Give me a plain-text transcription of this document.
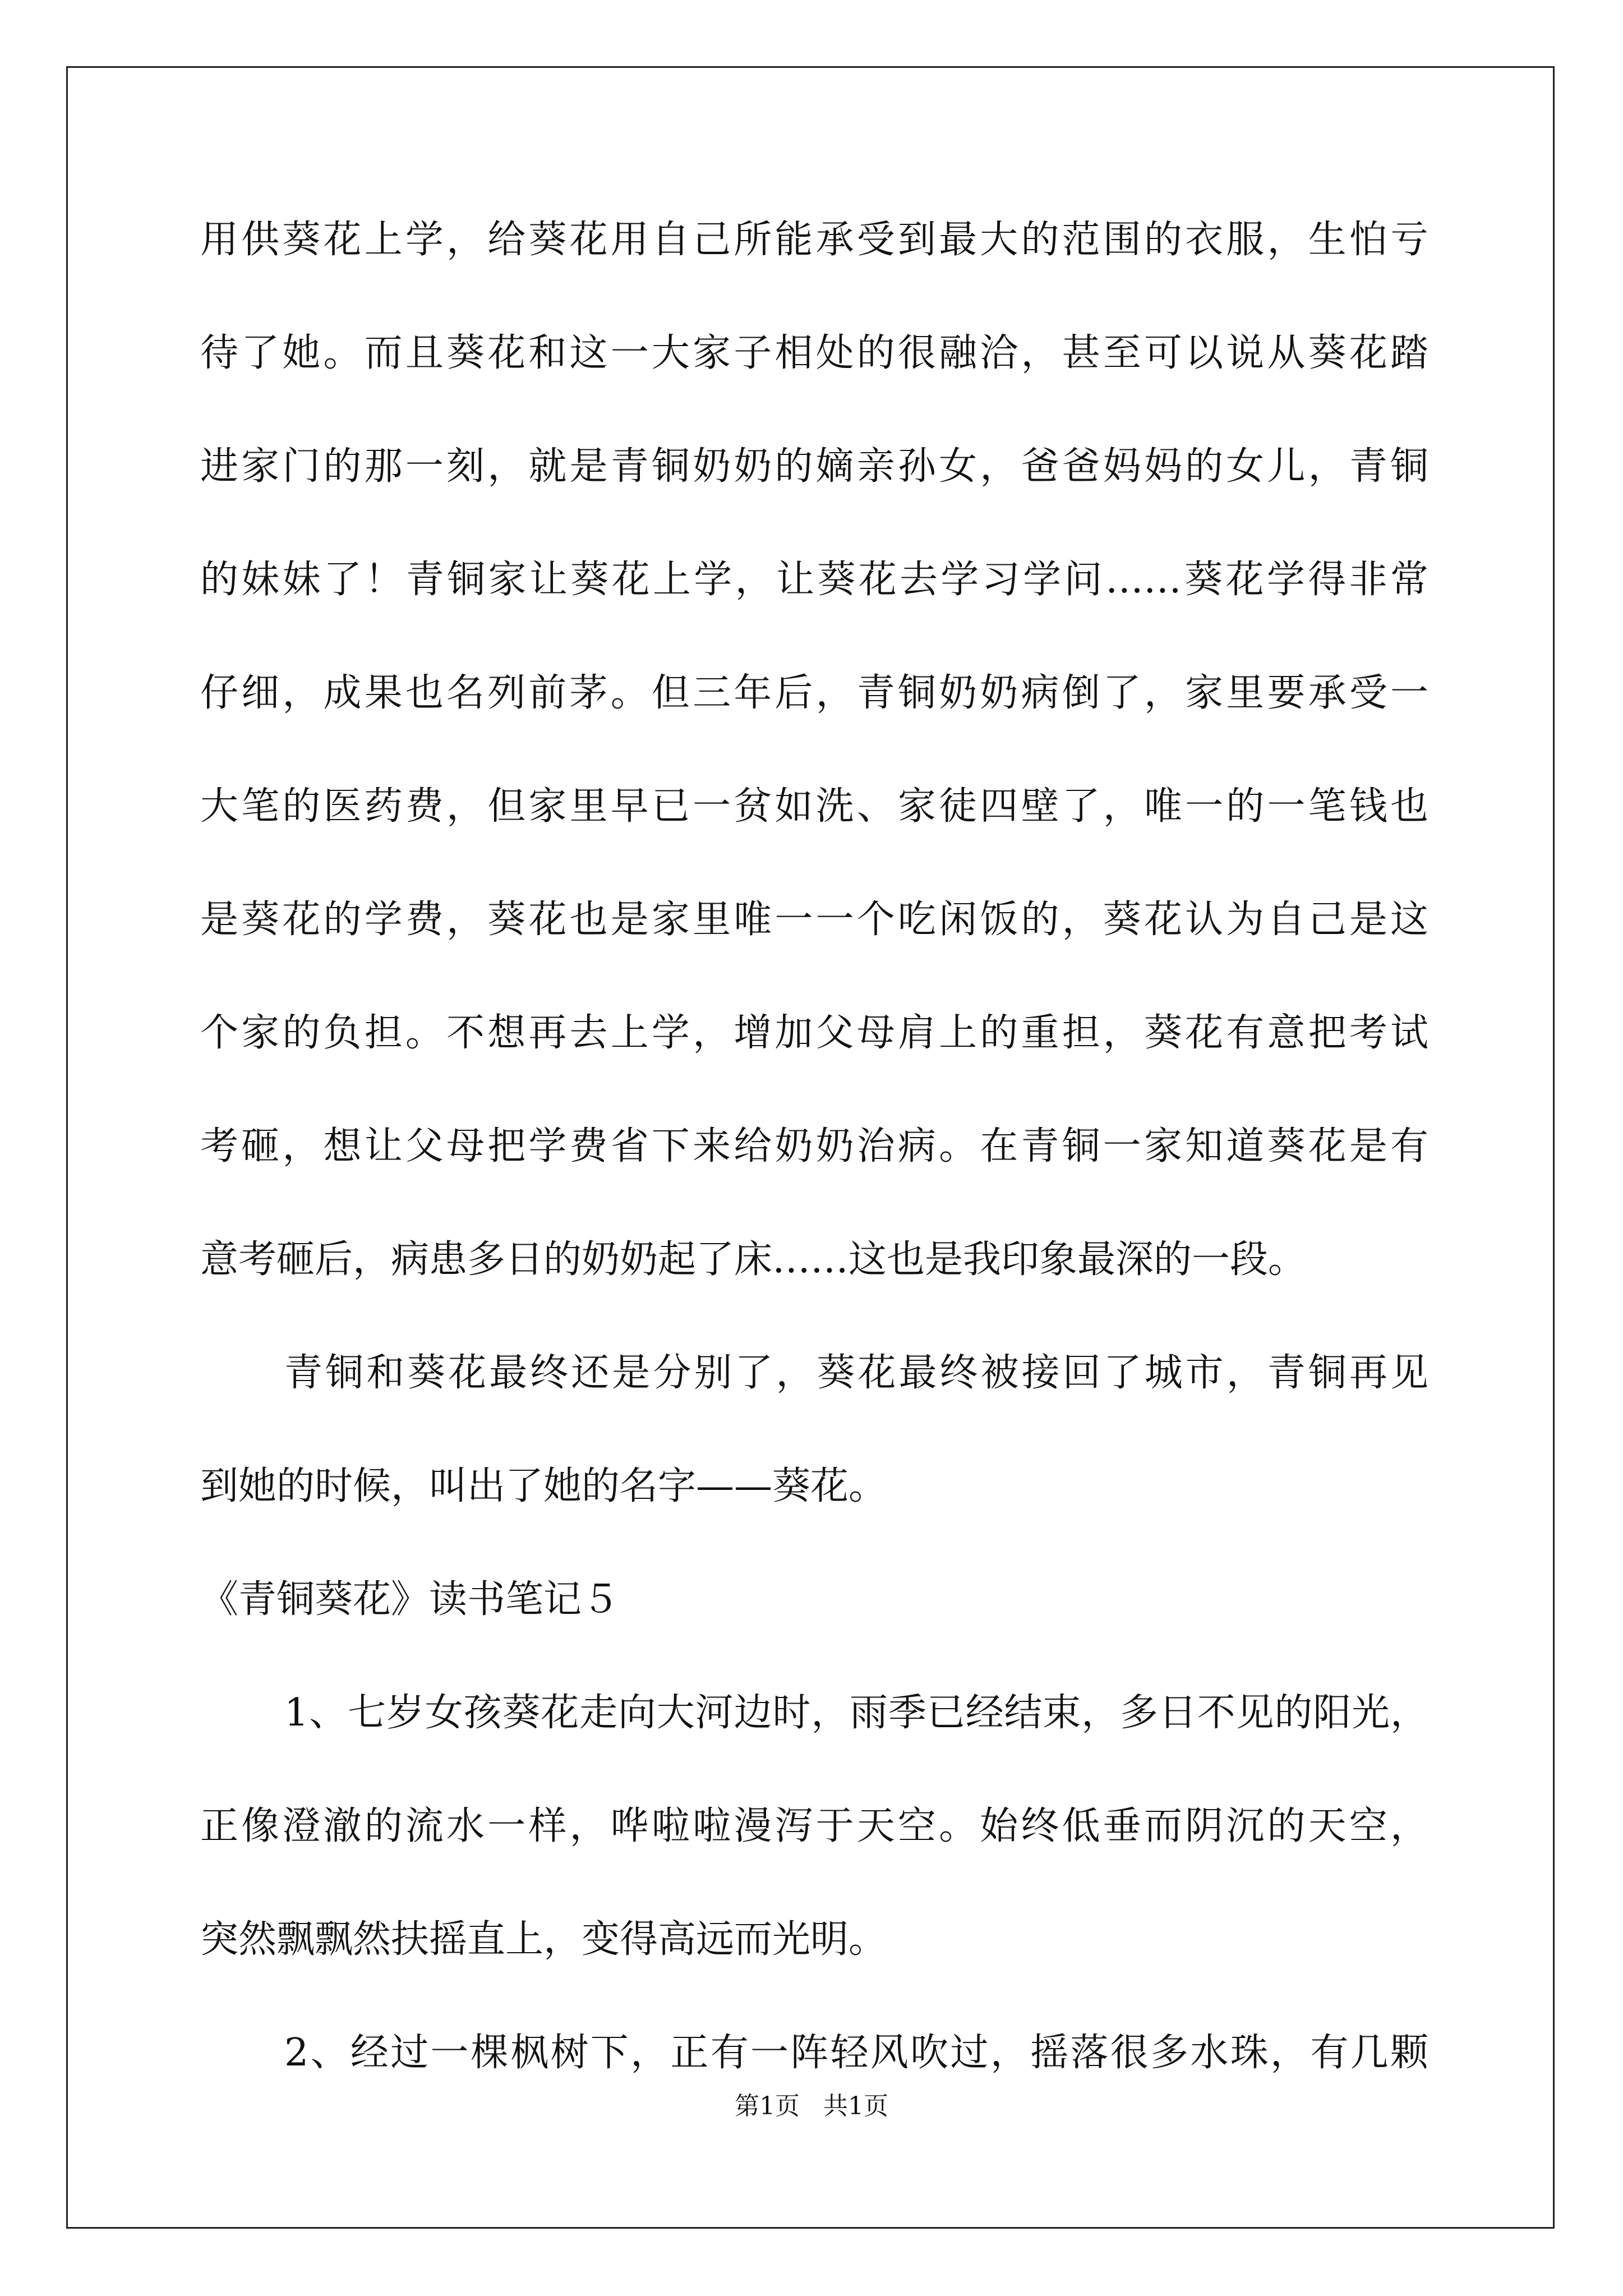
用供葵花上学，给葵花用自己所能承受到最大的范围的衣服，生怕亏
待了她。而且葵花和这一大家子相处的很融洽，甚至可以说从葵花踏
进家门的那一刻，就是青铜奶奶的嫡亲孙女，爸爸妈妈的女儿，青铜
的妹妹了！青铜家让葵花上学，让葵花去学习学问……葵花学得非常
仔细，成果也名列前茅。但三年后，青铜奶奶病倒了，家里要承受一
大笔的医药费，但家里早已一贫如洗、家徒四壁了，唯一的一笔钱也
是葵花的学费，葵花也是家里唯一一个吃闲饭的，葵花认为自己是这
个家的负担。不想再去上学，增加父母肩上的重担，葵花有意把考试
考砸，想让父母把学费省下来给奶奶治病。在青铜一家知道葵花是有
意考砸后，病患多日的奶奶起了床……这也是我印象最深的一段。
青铜和葵花最终还是分别了，葵花最终被接回了城市，青铜再见
到她的时候，叫出了她的名字——葵花。
《青铜葵花》读书笔记５
1、七岁女孩葵花走向大河边时，雨季已经结束，多日不见的阳光，
正像澄澈的流水一样，哗啦啦漫泻于天空。始终低垂而阴沉的天空，
突然飘飘然扶摇直上，变得高远而光明。
2、经过一棵枫树下，正有一阵轻风吹过，摇落很多水珠，有几颗
第1页   共1页
